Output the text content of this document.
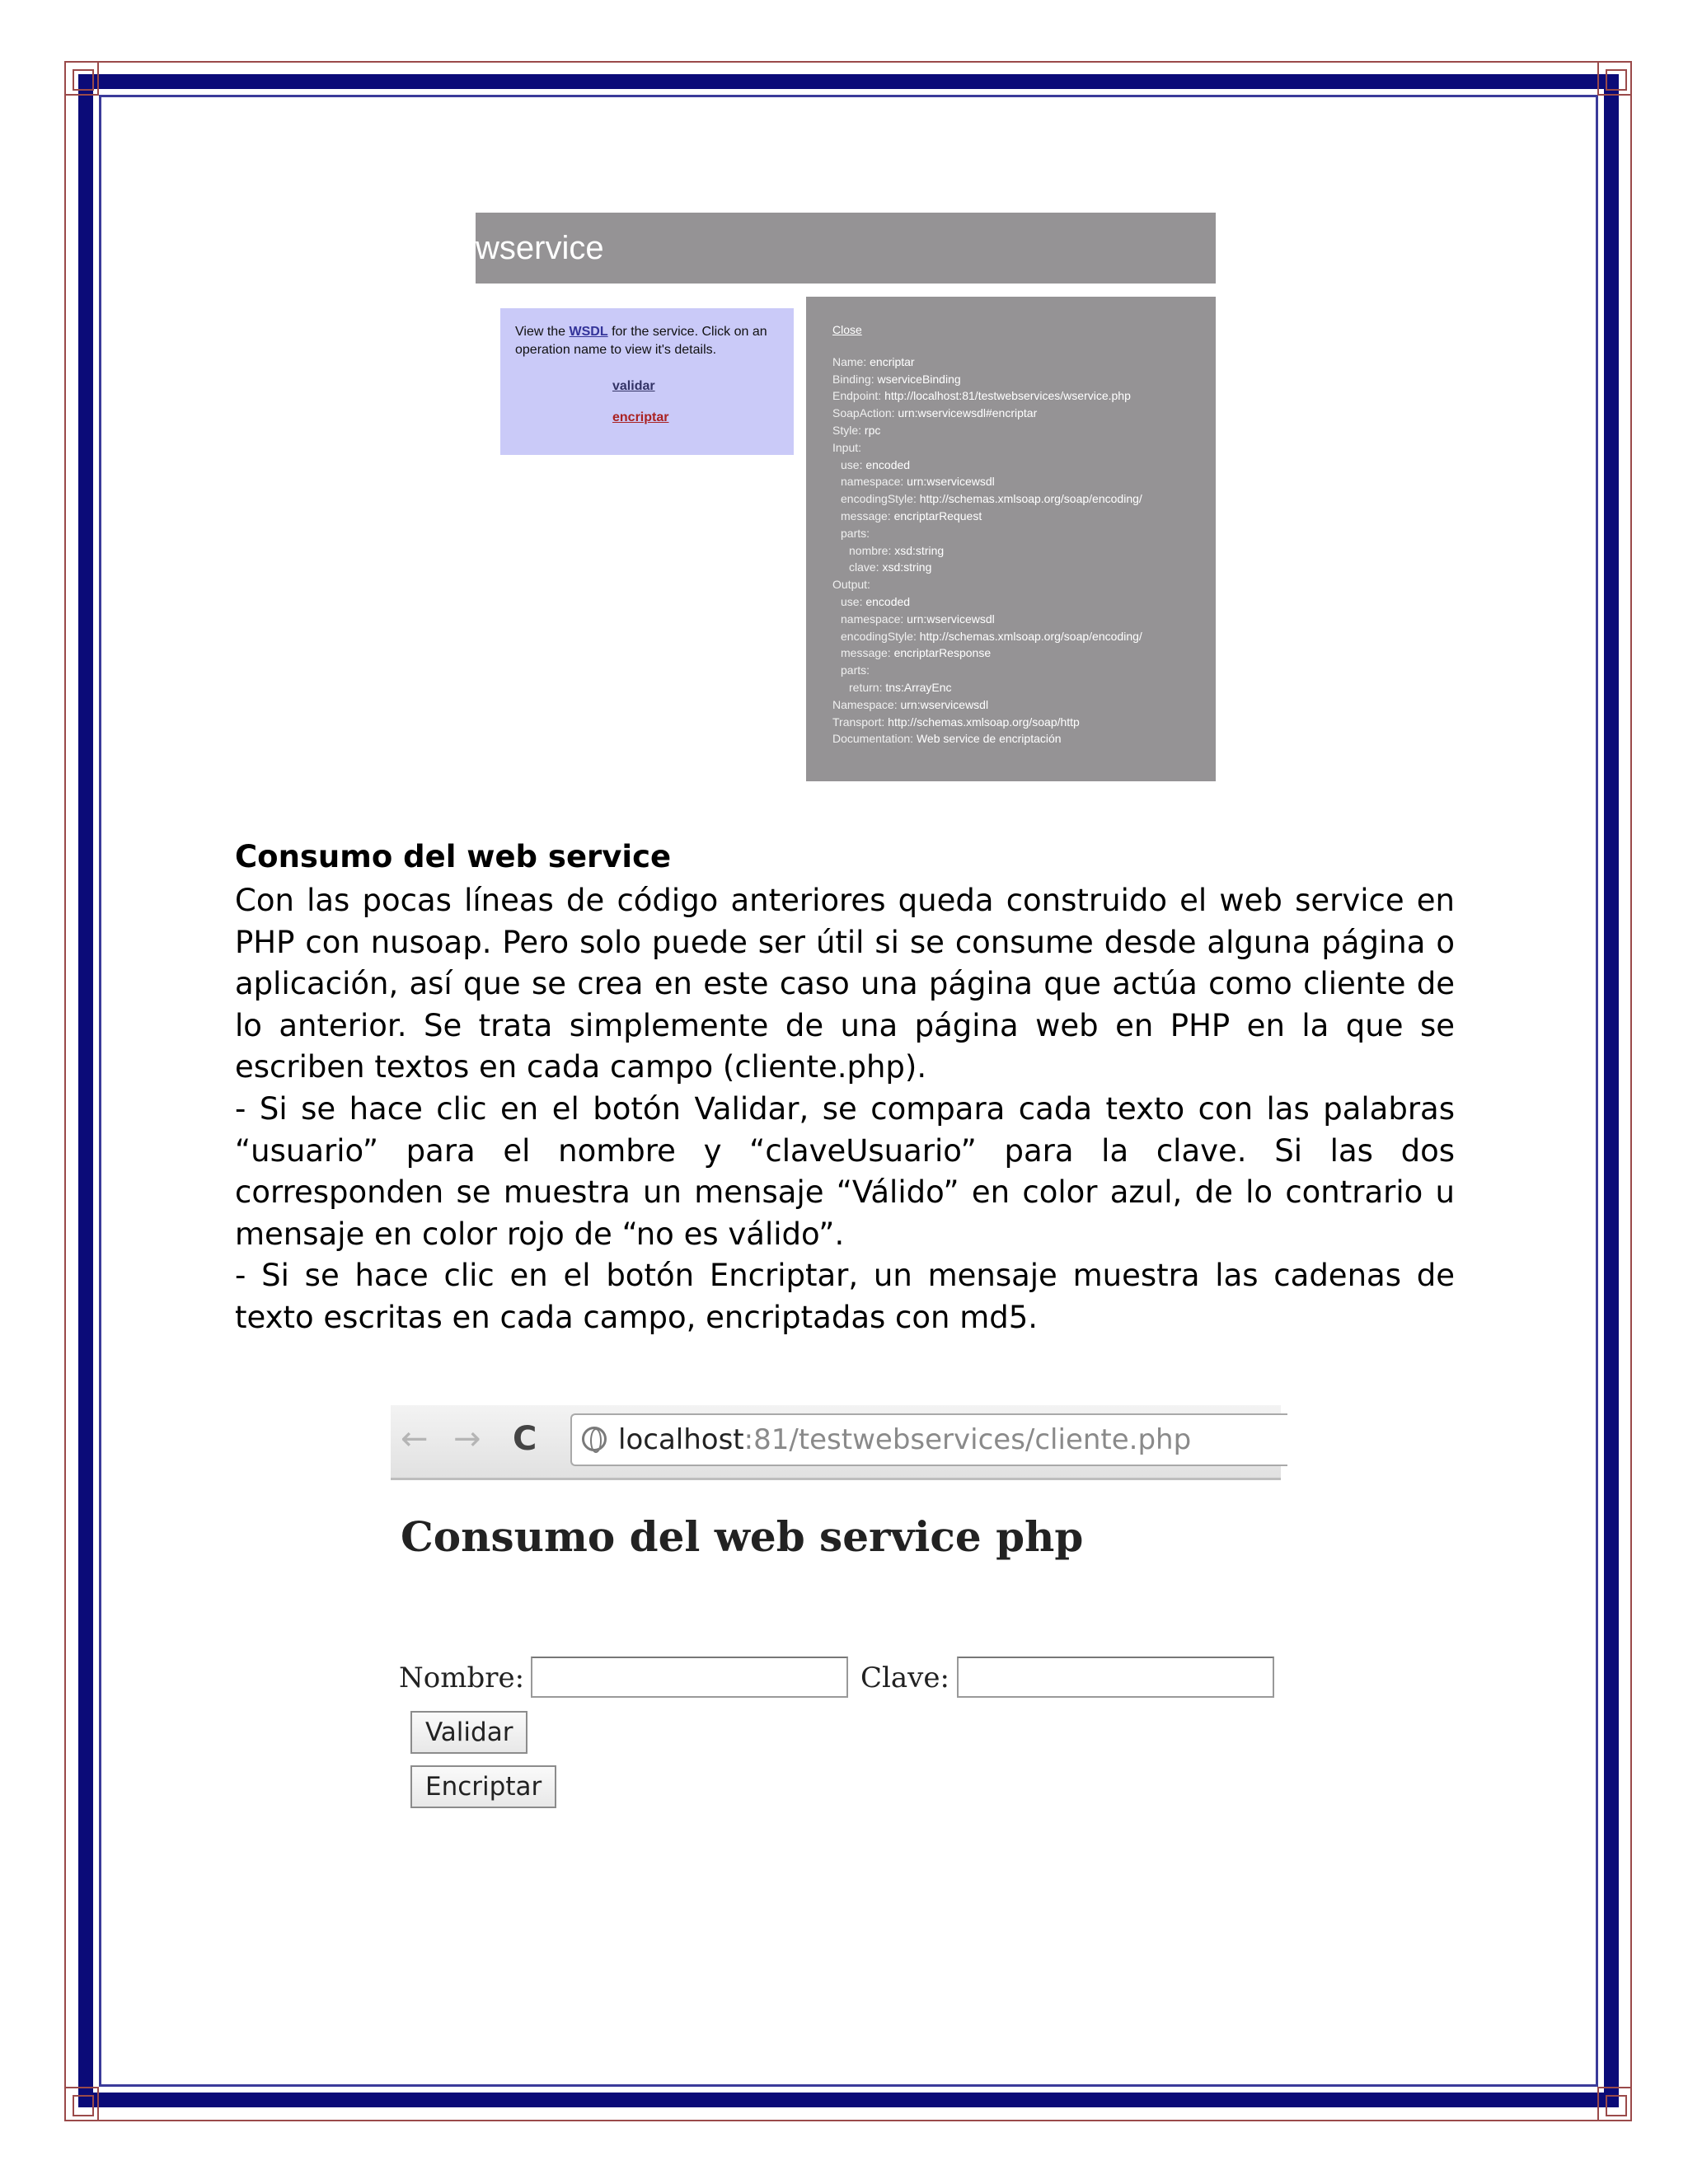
wservice
View the WSDL for the service. Click on an operation name to view it's details.
validar
encriptar
Close
Name: encriptar
Binding: wserviceBinding
Endpoint: http://localhost:81/testwebservices/wservice.php
SoapAction: urn:wservicewsdl#encriptar
Style: rpc
Input:
use: encoded
namespace: urn:wservicewsdl
encodingStyle: http://schemas.xmlsoap.org/soap/encoding/
message: encriptarRequest
parts:
nombre: xsd:string
clave: xsd:string
Output:
use: encoded
namespace: urn:wservicewsdl
encodingStyle: http://schemas.xmlsoap.org/soap/encoding/
message: encriptarResponse
parts:
return: tns:ArrayEnc
Namespace: urn:wservicewsdl
Transport: http://schemas.xmlsoap.org/soap/http
Documentation: Web service de encriptación
Consumo del web service

Con las pocas líneas de código anteriores queda construido el web service en PHP con nusoap. Pero solo puede ser útil si se consume desde alguna página o aplicación, así que se crea en este caso una página que actúa como cliente de lo anterior. Se trata simplemente de una página web en PHP en la que se escriben textos en cada campo (cliente.php).

- Si se hace clic en el botón Validar, se compara cada texto con las palabras “usuario” para el nombre y “claveUsuario” para la clave. Si las dos corresponden se muestra un mensaje “Válido” en color azul, de lo contrario u mensaje en color rojo de “no es válido”.

- Si se hace clic en el botón Encriptar, un mensaje muestra las cadenas de texto escritas en cada campo, encriptadas con md5.

← → C	localhost:81/testwebservices/cliente.php
Consumo del web service php
Nombre:	Clave:
Validar
Encriptar
